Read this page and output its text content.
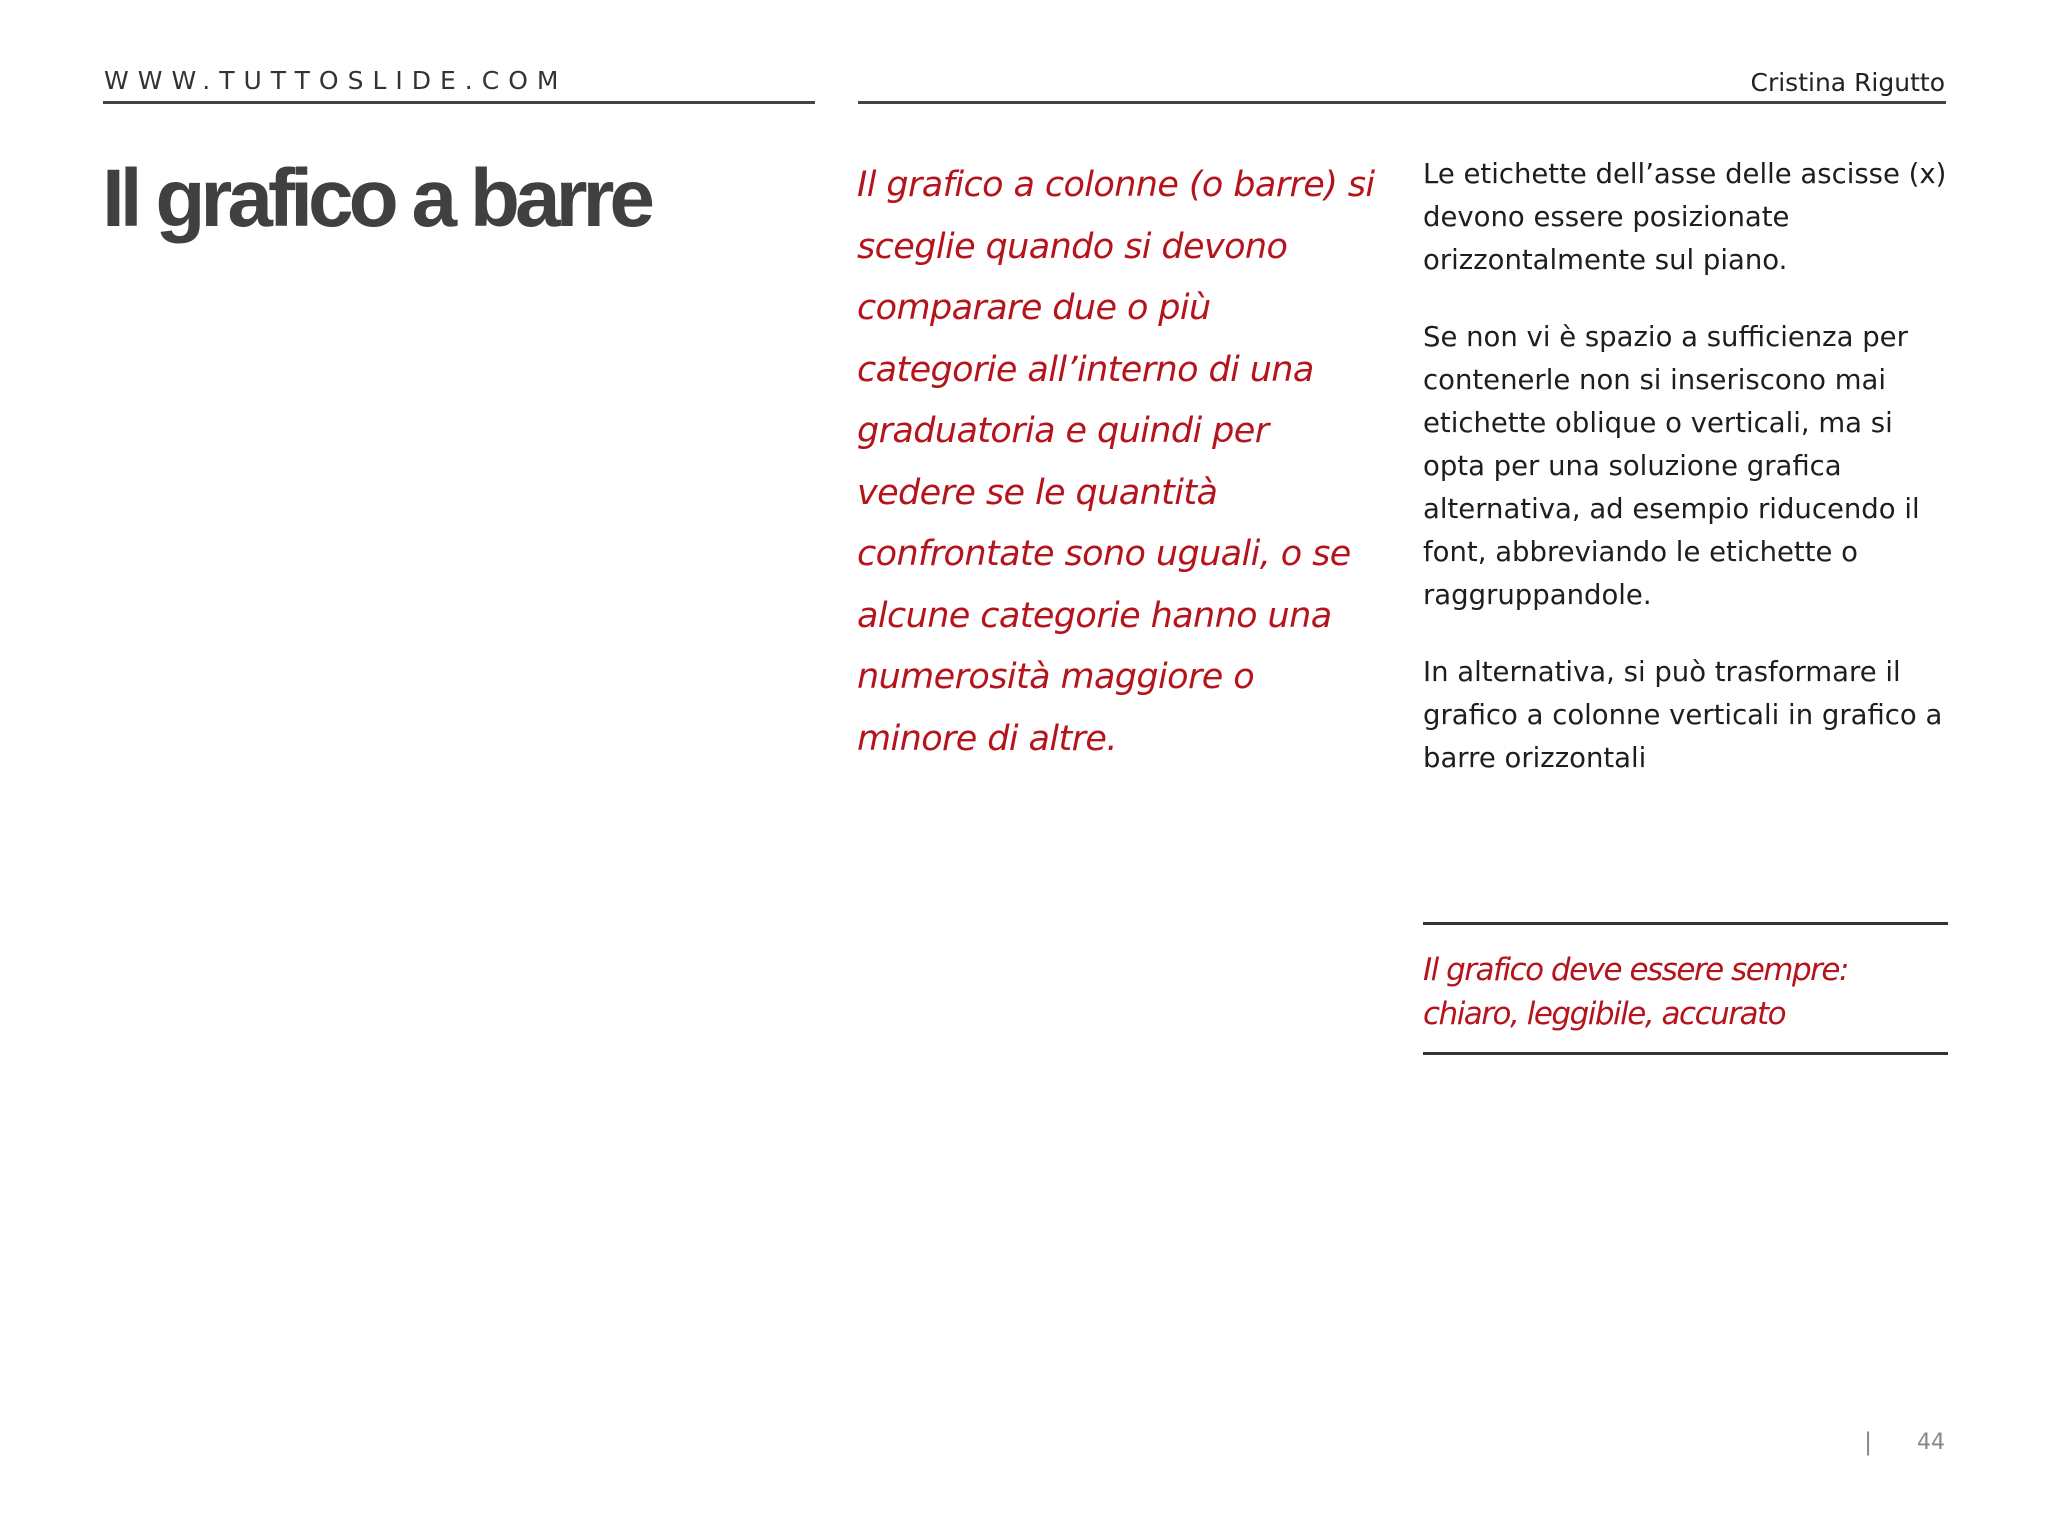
WWW.TUTTOSLIDE.COM	Cristina Rigutto
Il grafico a barre	Il grafico a colonne (o barre) si sceglie quando si devono comparare due o più categorie all’interno di una graduatoria e quindi per vedere se le quantità confrontate sono uguali, o se alcune categorie hanno una numerosità maggiore o minore di altre.

Le etichette dell’asse delle ascisse (x) devono essere posizionate orizzontalmente sul piano.

Se non vi è spazio a sufficienza per contenerle non si inseriscono mai etichette oblique o verticali, ma si opta per una soluzione grafica alternativa, ad esempio riducendo il font, abbreviando le etichette o raggruppandole.

In alternativa, si può trasformare il grafico a colonne verticali in grafico a barre orizzontali

Il grafico deve essere sempre: chiaro, leggibile, accurato

| 44
